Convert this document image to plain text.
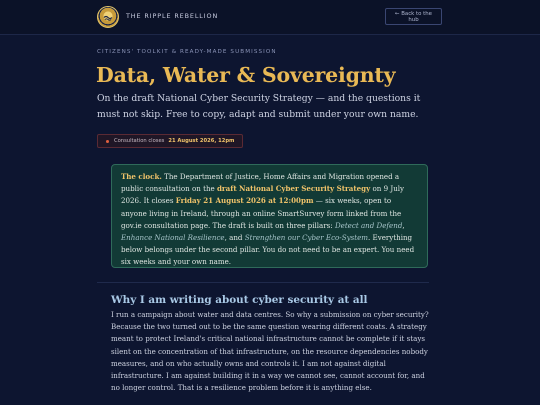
THE RIPPLE REBELLION	← Back to the hub
CITIZENS' TOOLKIT & READY-MADE SUBMISSION
Data, Water & Sovereignty
On the draft National Cyber Security Strategy — and the questions it must not skip. Free to copy, adapt and submit under your own name.
Consultation closes 21 August 2026, 12pm
The clock. The Department of Justice, Home Affairs and Migration opened a public consultation on the draft National Cyber Security Strategy on 9 July 2026. It closes Friday 21 August 2026 at 12:00pm — six weeks, open to anyone living in Ireland, through an online SmartSurvey form linked from the gov.ie consultation page. The draft is built on three pillars: Detect and Defend, Enhance National Resilience, and Strengthen our Cyber Eco-System. Everything below belongs under the second pillar. You do not need to be an expert. You need six weeks and your own name.
Why I am writing about cyber security at all
I run a campaign about water and data centres. So why a submission on cyber security? Because the two turned out to be the same question wearing different coats. A strategy meant to protect Ireland's critical national infrastructure cannot be complete if it stays silent on the concentration of that infrastructure, on the resource dependencies nobody measures, and on who actually owns and controls it. I am not against digital infrastructure. I am against building it in a way we cannot see, cannot account for, and no longer control. That is a resilience problem before it is anything else.
